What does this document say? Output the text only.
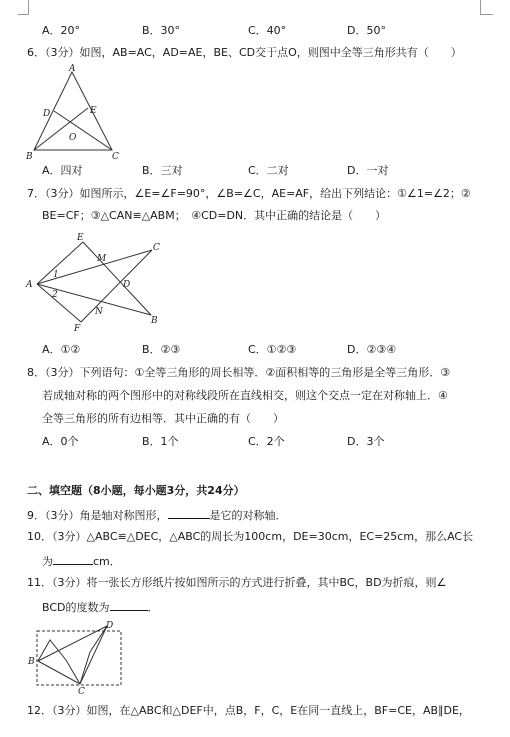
A．20°	B．30°	C．40°	D．50°
6．（3分）如图，AB=AC，AD=AE，BE、CD交于点O，则图中全等三角形共有（　　）
A
B	C
D	E
O
A．四对	B．三对	C．二对	D．一对
7．（3分）如图所示，∠E=∠F=90°，∠B=∠C，AE=AF，给出下列结论：①∠1=∠2；②
BE=CF；③△CAN≌△ABM；　④CD=DN．其中正确的结论是（　　）
E
C
M
A	D
N
F
B
1
2
A．①②	B．②③	C．①②③	D．②③④
8．（3分）下列语句：①全等三角形的周长相等．②面积相等的三角形是全等三角形．③
若成轴对称的两个图形中的对称线段所在直线相交，则这个交点一定在对称轴上．④
全等三角形的所有边相等．其中正确的有（　　）
A．0个	B．1个	C．2个	D．3个
二、填空题（8小题，每小题3分，共24分）
9．（3分）角是轴对称图形，	是它的对称轴．
10．（3分）△ABC≌△DEC，△ABC的周长为100cm，DE=30cm，EC=25cm，那么AC长
为	cm．
11．（3分）将一张长方形纸片按如图所示的方式进行折叠，其中BC，BD为折痕，则∠
BCD的度数为	．
B
C
D
12．（3分）如图，在△ABC和△DEF中，点B，F，C，E在同一直线上，BF=CE，AB∥DE，
